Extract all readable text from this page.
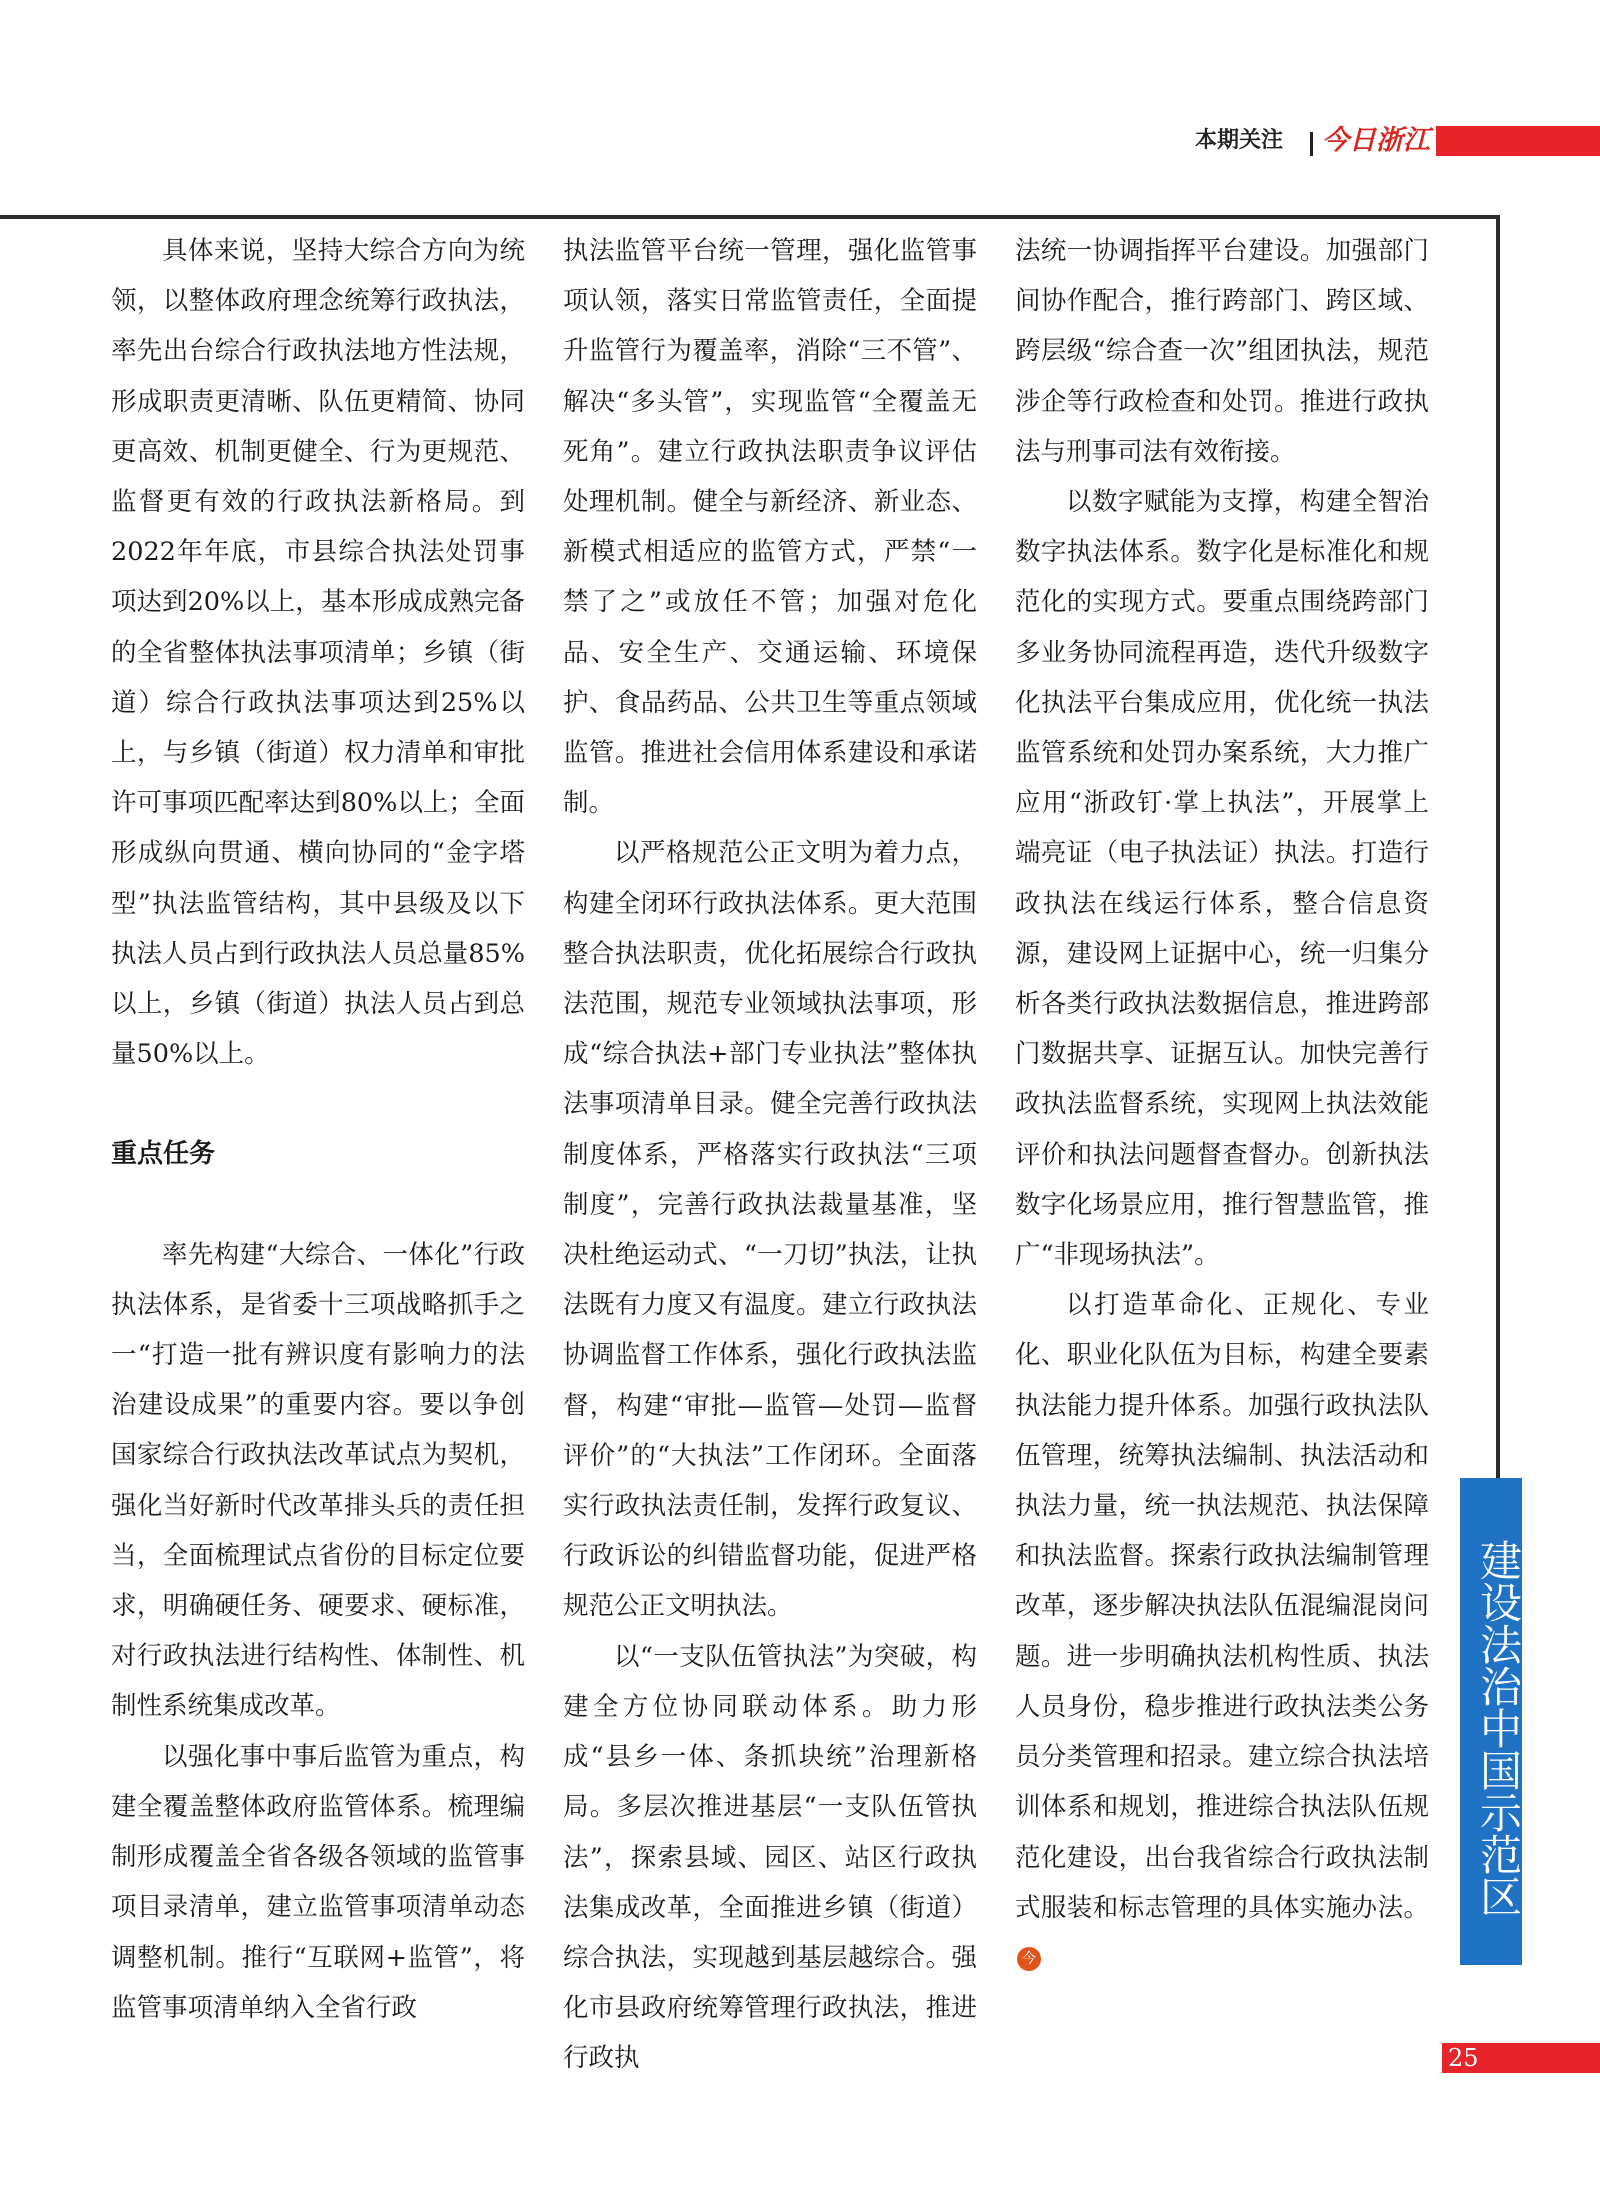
本期关注 今日浙江

具体来说，坚持大综合方向为统领，以整体政府理念统筹行政执法，率先出台综合行政执法地方性法规，形成职责更清晰、队伍更精简、协同更高效、机制更健全、行为更规范、监督更有效的行政执法新格局。到2022年年底，市县综合执法处罚事项达到20%以上，基本形成成熟完备的全省整体执法事项清单；乡镇（街道）综合行政执法事项达到25%以上，与乡镇（街道）权力清单和审批许可事项匹配率达到80%以上；全面形成纵向贯通、横向协同的“金字塔型”执法监管结构，其中县级及以下执法人员占到行政执法人员总量85%以上，乡镇（街道）执法人员占到总量50%以上。

重点任务

率先构建“大综合、一体化”行政执法体系，是省委十三项战略抓手之一“打造一批有辨识度有影响力的法治建设成果”的重要内容。要以争创国家综合行政执法改革试点为契机，强化当好新时代改革排头兵的责任担当，全面梳理试点省份的目标定位要求，明确硬任务、硬要求、硬标准，对行政执法进行结构性、体制性、机制性系统集成改革。

以强化事中事后监管为重点，构建全覆盖整体政府监管体系。梳理编制形成覆盖全省各级各领域的监管事项目录清单，建立监管事项清单动态调整机制。推行“互联网+监管”，将监管事项清单纳入全省行政

执法监管平台统一管理，强化监管事项认领，落实日常监管责任，全面提升监管行为覆盖率，消除“三不管”、解决“多头管”，实现监管“全覆盖无死角”。建立行政执法职责争议评估处理机制。健全与新经济、新业态、新模式相适应的监管方式，严禁“一禁了之”或放任不管；加强对危化品、安全生产、交通运输、环境保护、食品药品、公共卫生等重点领域监管。推进社会信用体系建设和承诺制。

以严格规范公正文明为着力点，构建全闭环行政执法体系。更大范围整合执法职责，优化拓展综合行政执法范围，规范专业领域执法事项，形成“综合执法+部门专业执法”整体执法事项清单目录。健全完善行政执法制度体系，严格落实行政执法“三项制度”，完善行政执法裁量基准，坚决杜绝运动式、“一刀切”执法，让执法既有力度又有温度。建立行政执法协调监督工作体系，强化行政执法监督，构建“审批—监管—处罚—监督评价”的“大执法”工作闭环。全面落实行政执法责任制，发挥行政复议、行政诉讼的纠错监督功能，促进严格规范公正文明执法。

以“一支队伍管执法”为突破，构建全方位协同联动体系。助力形成“县乡一体、条抓块统”治理新格局。多层次推进基层“一支队伍管执法”，探索县域、园区、站区行政执法集成改革，全面推进乡镇（街道）综合执法，实现越到基层越综合。强化市县政府统筹管理行政执法，推进行政执

法统一协调指挥平台建设。加强部门间协作配合，推行跨部门、跨区域、跨层级“综合查一次”组团执法，规范涉企等行政检查和处罚。推进行政执法与刑事司法有效衔接。

以数字赋能为支撑，构建全智治数字执法体系。数字化是标准化和规范化的实现方式。要重点围绕跨部门多业务协同流程再造，迭代升级数字化执法平台集成应用，优化统一执法监管系统和处罚办案系统，大力推广应用“浙政钉·掌上执法”，开展掌上端亮证（电子执法证）执法。打造行政执法在线运行体系，整合信息资源，建设网上证据中心，统一归集分析各类行政执法数据信息，推进跨部门数据共享、证据互认。加快完善行政执法监督系统，实现网上执法效能评价和执法问题督查督办。创新执法数字化场景应用，推行智慧监管，推广“非现场执法”。

以打造革命化、正规化、专业化、职业化队伍为目标，构建全要素执法能力提升体系。加强行政执法队伍管理，统筹执法编制、执法活动和执法力量，统一执法规范、执法保障和执法监督。探索行政执法编制管理改革，逐步解决执法队伍混编混岗问题。进一步明确执法机构性质、执法人员身份，稳步推进行政执法类公务员分类管理和招录。建立综合执法培训体系和规划，推进综合执法队伍规范化建设，出台我省综合行政执法制式服装和标志管理的具体实施办法。今

建设法治中国示范区
25
